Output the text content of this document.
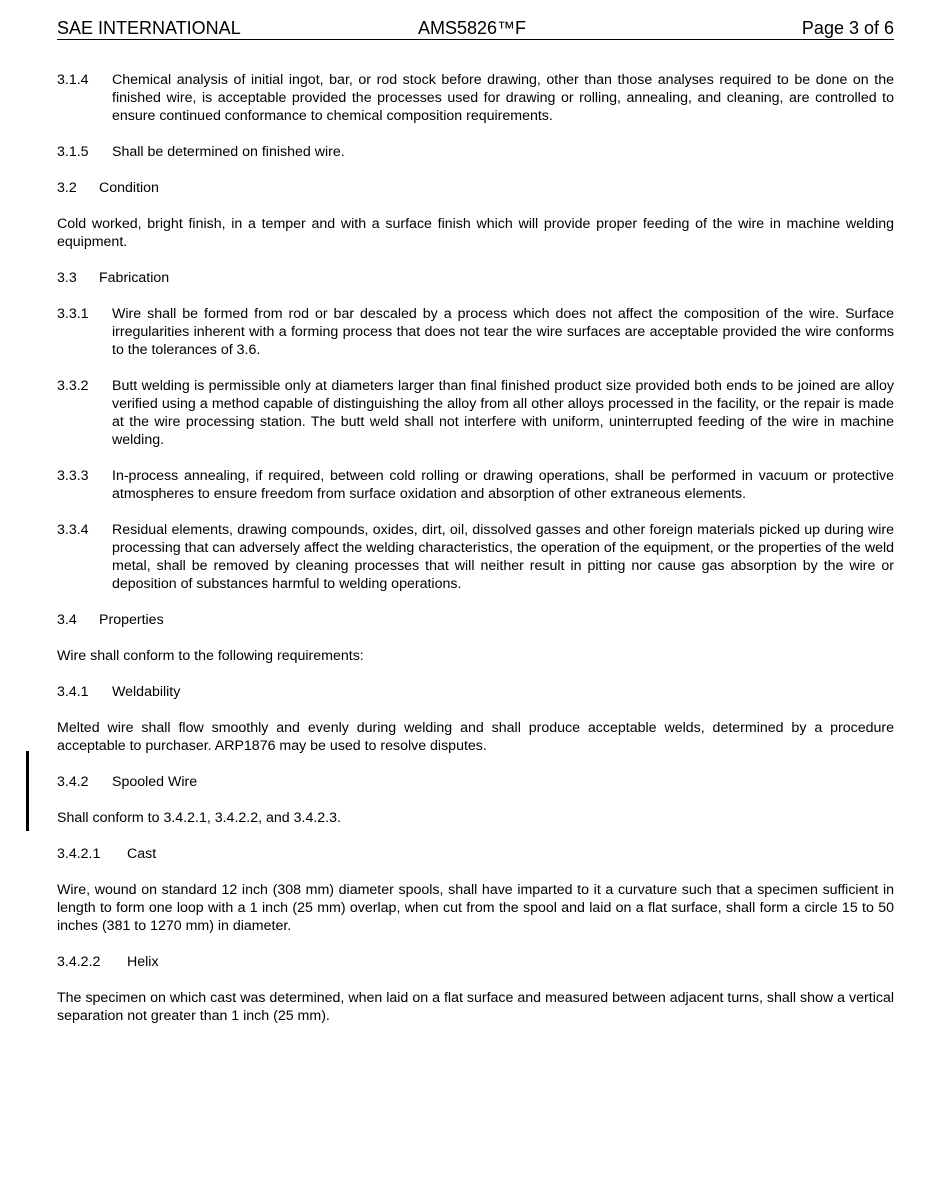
SAE INTERNATIONAL	AMS5826™F	Page 3 of 6
3.1.4	Chemical analysis of initial ingot, bar, or rod stock before drawing, other than those analyses required to be done on the finished wire, is acceptable provided the processes used for drawing or rolling, annealing, and cleaning, are controlled to ensure continued conformance to chemical composition requirements.
3.1.5	Shall be determined on finished wire.
3.2	Condition

Cold worked, bright finish, in a temper and with a surface finish which will provide proper feeding of the wire in machine welding equipment.

3.3	Fabrication
3.3.1	Wire shall be formed from rod or bar descaled by a process which does not affect the composition of the wire. Surface irregularities inherent with a forming process that does not tear the wire surfaces are acceptable provided the wire conforms to the tolerances of 3.6.
3.3.2	Butt welding is permissible only at diameters larger than final finished product size provided both ends to be joined are alloy verified using a method capable of distinguishing the alloy from all other alloys processed in the facility, or the repair is made at the wire processing station. The butt weld shall not interfere with uniform, uninterrupted feeding of the wire in machine welding.
3.3.3	In-process annealing, if required, between cold rolling or drawing operations, shall be performed in vacuum or protective atmospheres to ensure freedom from surface oxidation and absorption of other extraneous elements.
3.3.4	Residual elements, drawing compounds, oxides, dirt, oil, dissolved gasses and other foreign materials picked up during wire processing that can adversely affect the welding characteristics, the operation of the equipment, or the properties of the weld metal, shall be removed by cleaning processes that will neither result in pitting nor cause gas absorption by the wire or deposition of substances harmful to welding operations.
3.4	Properties

Wire shall conform to the following requirements:

3.4.1	Weldability

Melted wire shall flow smoothly and evenly during welding and shall produce acceptable welds, determined by a procedure acceptable to purchaser. ARP1876 may be used to resolve disputes.

3.4.2	Spooled Wire

Shall conform to 3.4.2.1, 3.4.2.2, and 3.4.2.3.

3.4.2.1	Cast

Wire, wound on standard 12 inch (308 mm) diameter spools, shall have imparted to it a curvature such that a specimen sufficient in length to form one loop with a 1 inch (25 mm) overlap, when cut from the spool and laid on a flat surface, shall form a circle 15 to 50 inches (381 to 1270 mm) in diameter.

3.4.2.2	Helix

The specimen on which cast was determined, when laid on a flat surface and measured between adjacent turns, shall show a vertical separation not greater than 1 inch (25 mm).
